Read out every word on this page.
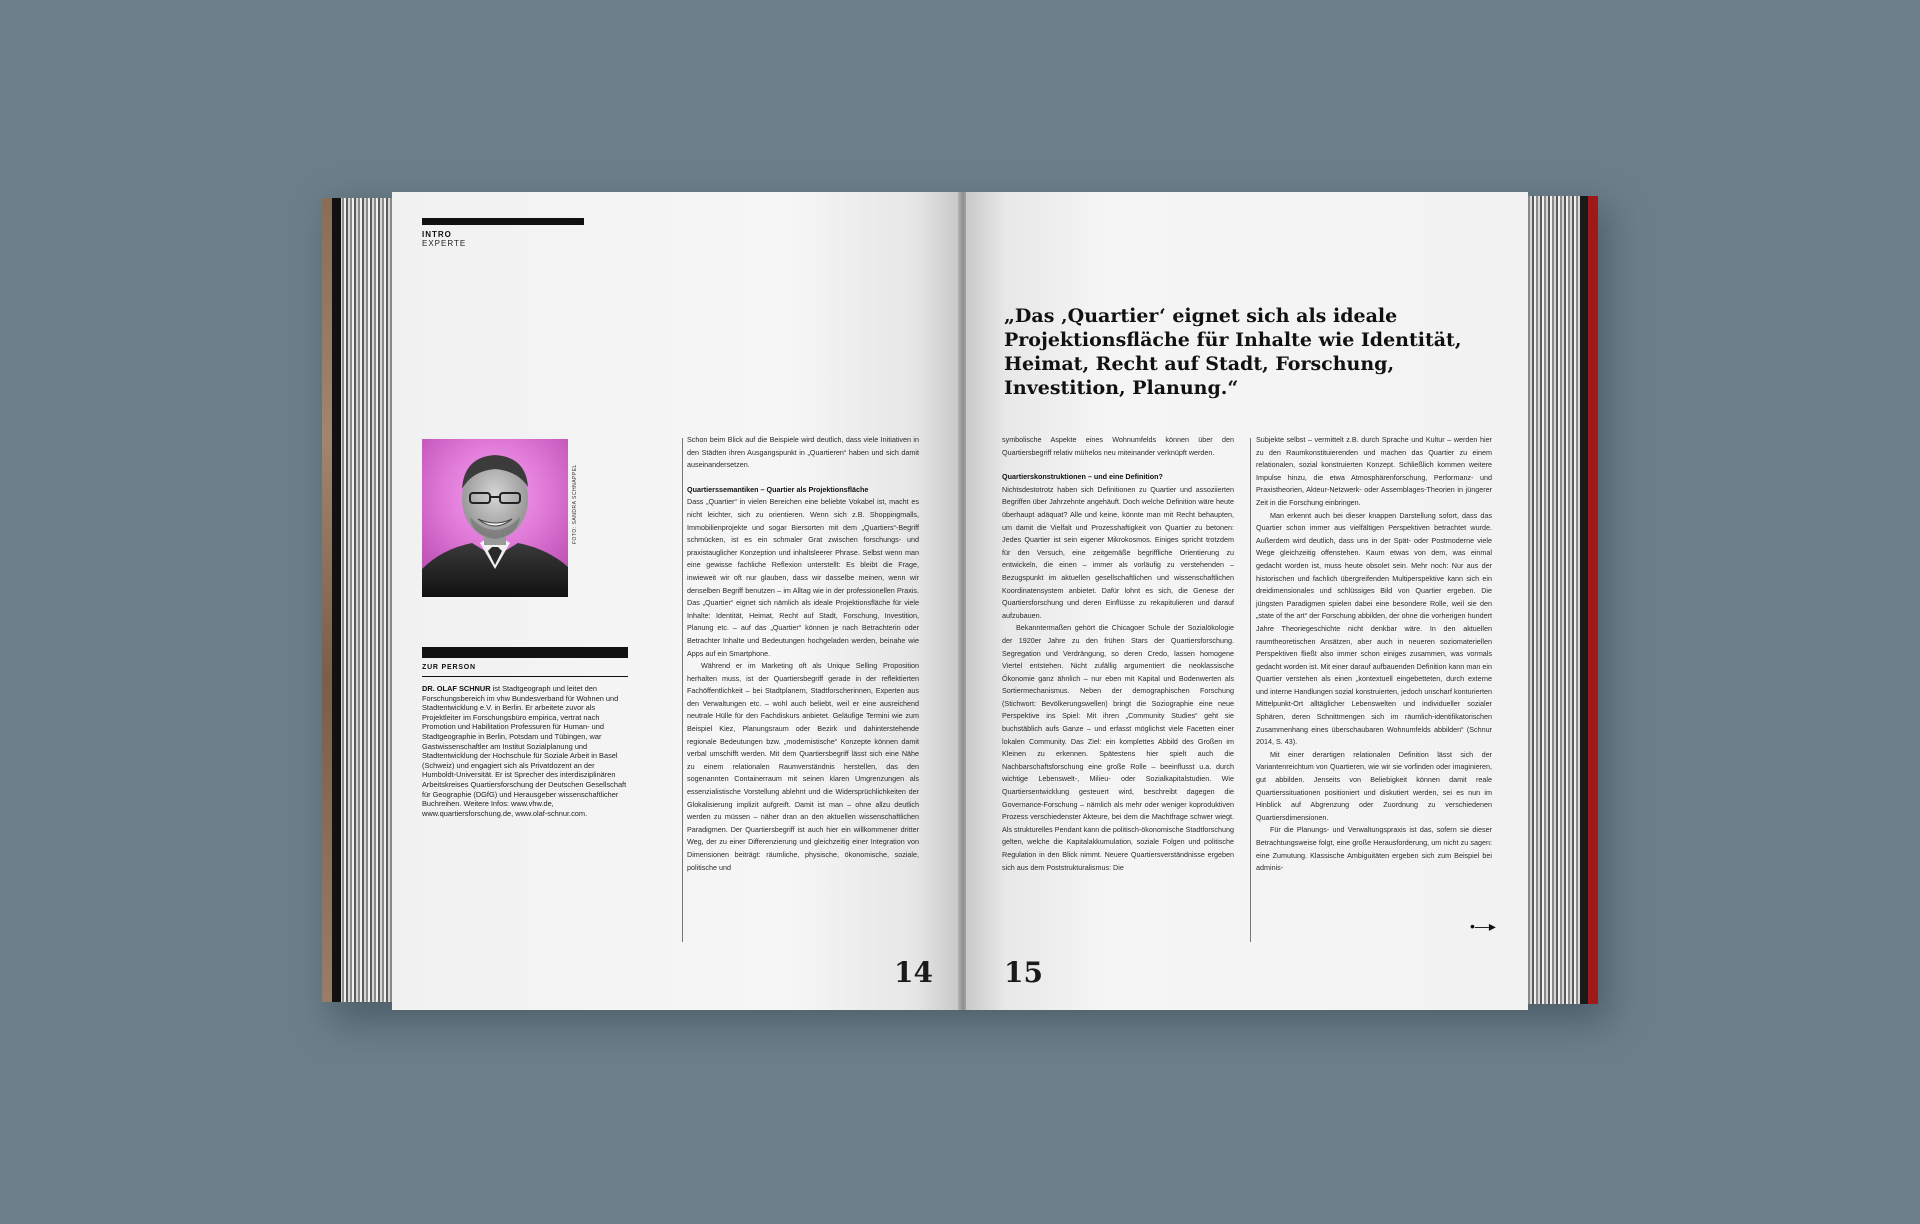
INTRO
EXPERTE
FOTO: SANDRA SCHNAPPEL
ZUR PERSON
DR. OLAF SCHNUR ist Stadtgeograph und leitet den Forschungsbereich im vhw Bundesverband für Wohnen und Stadtentwicklung e.V. in Berlin. Er arbeitete zuvor als Projektleiter im Forschungsbüro empirica, vertrat nach Promotion und Habilitation Professuren für Human- und Stadtgeographie in Berlin, Potsdam und Tübingen, war Gastwissenschaftler am Institut Sozialplanung und Stadtentwicklung der Hochschule für Soziale Arbeit in Basel (Schweiz) und engagiert sich als Privatdozent an der Humboldt-Universität. Er ist Sprecher des interdisziplinären Arbeitskreises Quartiersforschung der Deutschen Gesellschaft für Geographie (DGfG) und Herausgeber wissenschaftlicher Buchreihen. Weitere Infos: www.vhw.de, www.quartiersforschung.de, www.olaf-schnur.com.

Schon beim Blick auf die Beispiele wird deutlich, dass viele Initiativen in den Städten ihren Ausgangspunkt in „Quartieren“ haben und sich damit auseinandersetzen.

Quartierssemantiken – Quartier als Projektionsfläche

Dass „Quartier“ in vielen Bereichen eine beliebte Vokabel ist, macht es nicht leichter, sich zu orientieren. Wenn sich z.B. Shoppingmalls, Immobilienprojekte und sogar Biersorten mit dem „Quartiers“-Begriff schmücken, ist es ein schmaler Grat zwischen forschungs- und praxistauglicher Konzeption und inhaltsleerer Phrase. Selbst wenn man eine gewisse fachliche Reflexion unterstellt: Es bleibt die Frage, inwieweit wir oft nur glauben, dass wir dasselbe meinen, wenn wir denselben Begriff benutzen – im Alltag wie in der professionellen Praxis. Das „Quartier“ eignet sich nämlich als ideale Projektionsfläche für viele Inhalte: Identität, Heimat, Recht auf Stadt, Forschung, Investition, Planung etc. – auf das „Quartier“ können je nach Betrachterin oder Betrachter Inhalte und Bedeutungen hochgeladen werden, beinahe wie Apps auf ein Smartphone.

Während er im Marketing oft als Unique Selling Proposition herhalten muss, ist der Quartiersbegriff gerade in der reflektierten Fachöffentlichkeit – bei Stadtplanern, Stadtforscherinnen, Experten aus den Verwaltungen etc. – wohl auch beliebt, weil er eine ausreichend neutrale Hülle für den Fachdiskurs anbietet. Geläufige Termini wie zum Beispiel Kiez, Planungsraum oder Bezirk und dahinterstehende regionale Bedeutungen bzw. „modernistische“ Konzepte können damit verbal umschifft werden. Mit dem Quartiersbegriff lässt sich eine Nähe zu einem relationalen Raumverständnis herstellen, das den sogenannten Containerraum mit seinen klaren Umgrenzungen als essenzialistische Vorstellung ablehnt und die Widersprüchlichkeiten der Glokalisierung implizit aufgreift. Damit ist man – ohne allzu deutlich werden zu müssen – näher dran an den aktuellen wissenschaftlichen Paradigmen. Der Quartiersbegriff ist auch hier ein willkommener dritter Weg, der zu einer Differenzierung und gleichzeitig einer Integration von Dimensionen beiträgt: räumliche, physische, ökonomische, soziale, politische und

14
„Das ‚Quartier‘ eignet sich als ideale Projektionsfläche für Inhalte wie Identität, Heimat, Recht auf Stadt, Forschung, Investition, Planung.“

symbolische Aspekte eines Wohnumfelds können über den Quartiersbegriff relativ mühelos neu miteinander verknüpft werden.

Quartierskonstruktionen – und eine Definition?

Nichtsdestotrotz haben sich Definitionen zu Quartier und assoziierten Begriffen über Jahrzehnte angehäuft. Doch welche Definition wäre heute überhaupt adäquat? Alle und keine, könnte man mit Recht behaupten, um damit die Vielfalt und Prozesshaftigkeit von Quartier zu betonen: Jedes Quartier ist sein eigener Mikrokosmos. Einiges spricht trotzdem für den Versuch, eine zeitgemäße begriffliche Orientierung zu entwickeln, die einen – immer als vorläufig zu verstehenden – Bezugspunkt im aktuellen gesellschaftlichen und wissenschaftlichen Koordinatensystem anbietet. Dafür lohnt es sich, die Genese der Quartiersforschung und deren Einflüsse zu rekapitulieren und darauf aufzubauen.

Bekanntermaßen gehört die Chicagoer Schule der Sozialökologie der 1920er Jahre zu den frühen Stars der Quartiersforschung. Segregation und Verdrängung, so deren Credo, lassen homogene Viertel entstehen. Nicht zufällig argumentiert die neoklassische Ökonomie ganz ähnlich – nur eben mit Kapital und Bodenwerten als Sortiermechanismus. Neben der demographischen Forschung (Stichwort: Bevölkerungswellen) bringt die Soziographie eine neue Perspektive ins Spiel: Mit ihren „Community Studies“ geht sie buchstäblich aufs Ganze – und erfasst möglichst viele Facetten einer lokalen Community. Das Ziel: ein komplettes Abbild des Großen im Kleinen zu erkennen. Spätestens hier spielt auch die Nachbarschaftsforschung eine große Rolle – beeinflusst u.a. durch wichtige Lebenswelt-, Milieu- oder Sozialkapitalstudien. Wie Quartiersentwicklung gesteuert wird, beschreibt dagegen die Governance-Forschung – nämlich als mehr oder weniger koproduktiven Prozess verschiedenster Akteure, bei dem die Machtfrage schwer wiegt. Als strukturelles Pendant kann die politisch-ökonomische Stadtforschung gelten, welche die Kapitalakkumulation, soziale Folgen und politische Regulation in den Blick nimmt. Neuere Quartiersverständnisse ergeben sich aus dem Poststrukturalismus: Die

Subjekte selbst – vermittelt z.B. durch Sprache und Kultur – werden hier zu den Raumkonstituierenden und machen das Quartier zu einem relationalen, sozial konstruierten Konzept. Schließlich kommen weitere Impulse hinzu, die etwa Atmosphärenforschung, Performanz- und Praxistheorien, Akteur-Netzwerk- oder Assemblages-Theorien in jüngerer Zeit in die Forschung einbringen.

Man erkennt auch bei dieser knappen Darstellung sofort, dass das Quartier schon immer aus vielfältigen Perspektiven betrachtet wurde. Außerdem wird deutlich, dass uns in der Spät- oder Postmoderne viele Wege gleichzeitig offenstehen. Kaum etwas von dem, was einmal gedacht worden ist, muss heute obsolet sein. Mehr noch: Nur aus der historischen und fachlich übergreifenden Multiperspektive kann sich ein dreidimensionales und schlüssiges Bild von Quartier ergeben. Die jüngsten Paradigmen spielen dabei eine besondere Rolle, weil sie den „state of the art“ der Forschung abbilden, der ohne die vorherigen hundert Jahre Theoriegeschichte nicht denkbar wäre. In den aktuellen raumtheoretischen Ansätzen, aber auch in neueren soziomateriellen Perspektiven fließt also immer schon einiges zusammen, was vormals gedacht worden ist. Mit einer darauf aufbauenden Definition kann man ein Quartier verstehen als einen „kontextuell eingebetteten, durch externe und interne Handlungen sozial konstruierten, jedoch unscharf konturierten Mittelpunkt-Ort alltäglicher Lebenswelten und individueller sozialer Sphären, deren Schnittmengen sich im räumlich-identifikatorischen Zusammenhang eines überschaubaren Wohnumfelds abbilden“ (Schnur 2014, S. 43).

Mit einer derartigen relationalen Definition lässt sich der Variantenreichtum von Quartieren, wie wir sie vorfinden oder imaginieren, gut abbilden. Jenseits von Beliebigkeit können damit reale Quartierssituationen positioniert und diskutiert werden, sei es nun im Hinblick auf Abgrenzung oder Zuordnung zu verschiedenen Quartiersdimensionen.

Für die Planungs- und Verwaltungspraxis ist das, sofern sie dieser Betrachtungsweise folgt, eine große Herausforderung, um nicht zu sagen: eine Zumutung. Klassische Ambiguitäten ergeben sich zum Beispiel bei adminis-

•—▸
15
